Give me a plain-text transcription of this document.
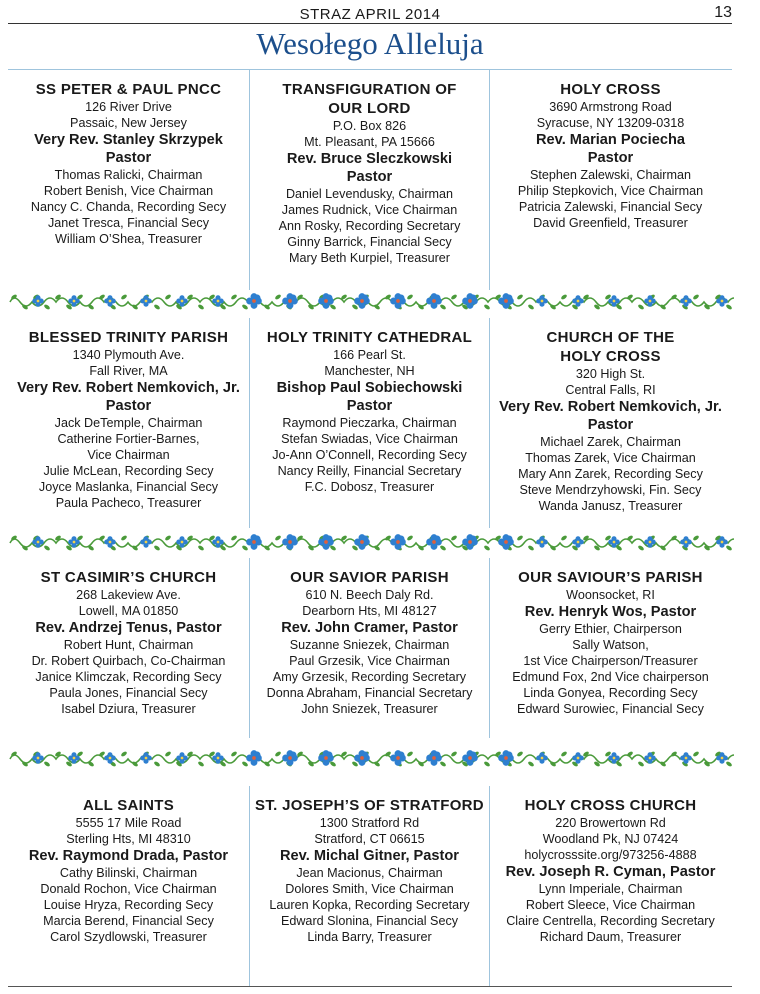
STRAZ APRIL 2014	13
Wesołego Alleluja
SS PETER & PAUL PNCC
126 River Drive
Passaic, New Jersey
Very Rev. Stanley Skrzypek
Pastor
Thomas Ralicki, Chairman
Robert Benish, Vice Chairman
Nancy C. Chanda, Recording Secy
Janet Tresca, Financial Secy
William O’Shea, Treasurer
TRANSFIGURATION OF
OUR LORD
P.O. Box 826
Mt. Pleasant, PA 15666
Rev. Bruce Sleczkowski
Pastor
Daniel Levendusky, Chairman
James Rudnick, Vice Chairman
Ann Rosky, Recording Secretary
Ginny Barrick, Financial Secy
Mary Beth Kurpiel, Treasurer
HOLY CROSS
3690 Armstrong Road
Syracuse, NY 13209-0318
Rev. Marian Pociecha
Pastor
Stephen Zalewski, Chairman
Philip Stepkovich, Vice Chairman
Patricia Zalewski, Financial Secy
David Greenfield, Treasurer
BLESSED TRINITY PARISH
1340 Plymouth Ave.
Fall River, MA
Very Rev. Robert Nemkovich, Jr.
Pastor
Jack DeTemple, Chairman
Catherine Fortier-Barnes,
Vice Chairman
Julie McLean, Recording Secy
Joyce Maslanka, Financial Secy
Paula Pacheco, Treasurer
HOLY TRINITY CATHEDRAL
166 Pearl St.
Manchester, NH
Bishop Paul Sobiechowski
Pastor
Raymond Pieczarka, Chairman
Stefan Swiadas, Vice Chairman
Jo-Ann O’Connell, Recording Secy
Nancy Reilly, Financial Secretary
F.C. Dobosz, Treasurer
CHURCH OF THE
HOLY CROSS
320 High St.
Central Falls, RI
Very Rev. Robert Nemkovich, Jr.
Pastor
Michael Zarek, Chairman
Thomas Zarek, Vice Chairman
Mary Ann Zarek, Recording Secy
Steve Mendrzyhowski, Fin. Secy
Wanda Janusz, Treasurer
ST CASIMIR’S CHURCH
268 Lakeview Ave.
Lowell, MA 01850
Rev. Andrzej Tenus, Pastor
Robert Hunt, Chairman
Dr. Robert Quirbach, Co-Chairman
Janice Klimczak, Recording Secy
Paula Jones, Financial Secy
Isabel Dziura, Treasurer
OUR SAVIOR PARISH
610 N. Beech Daly Rd.
Dearborn Hts, MI 48127
Rev. John Cramer, Pastor
Suzanne Sniezek, Chairman
Paul Grzesik, Vice Chairman
Amy Grzesik, Recording Secretary
Donna Abraham, Financial Secretary
John Sniezek, Treasurer
OUR SAVIOUR’S PARISH
Woonsocket, RI
Rev. Henryk Wos, Pastor
Gerry Ethier, Chairperson
Sally Watson,
1st Vice Chairperson/Treasurer
Edmund Fox, 2nd Vice chairperson
Linda Gonyea, Recording Secy
Edward Surowiec, Financial Secy
ALL SAINTS
5555 17 Mile Road
Sterling Hts, MI 48310
Rev. Raymond Drada, Pastor
Cathy Bilinski, Chairman
Donald Rochon, Vice Chairman
Louise Hryza, Recording Secy
Marcia Berend, Financial Secy
Carol Szydlowski, Treasurer
ST. JOSEPH’S OF STRATFORD
1300 Stratford Rd
Stratford, CT 06615
Rev. Michal Gitner, Pastor
Jean Macionus, Chairman
Dolores Smith, Vice Chairman
Lauren Kopka, Recording Secretary
Edward Slonina, Financial Secy
Linda Barry, Treasurer
HOLY CROSS CHURCH
220 Browertown Rd
Woodland Pk, NJ 07424
holycrosssite.org/973256-4888
Rev. Joseph R. Cyman, Pastor
Lynn Imperiale, Chairman
Robert Sleece, Vice Chairman
Claire Centrella, Recording Secretary
Richard Daum, Treasurer
